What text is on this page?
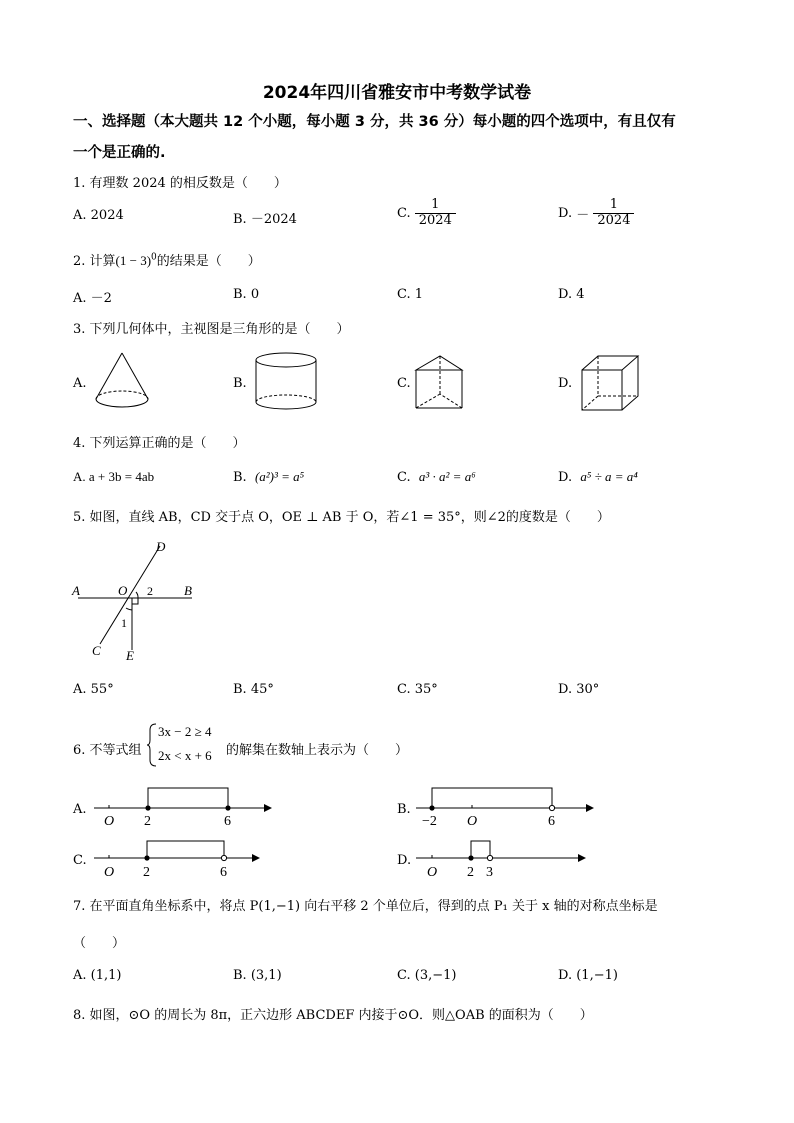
2024年四川省雅安市中考数学试卷
一、选择题（本大题共 12 个小题，每小题 3 分，共 36 分）每小题的四个选项中，有且仅有
一个是正确的.
1. 有理数 2024 的相反数是（　　）
A. 2024	B. －2024	C. $\frac{1}{2024}$	D. － $\frac{1}{2024}$
2. 计算$(1 - 3)^0$的结果是（　　）
A. －2	B. 0	C. 1	D. 4
3. 下列几何体中，主视图是三角形的是（　　）
A.	B.	C.	D.
4. 下列运算正确的是（　　）
A. a + 3b = 4ab	B. (a²)³ = a⁵	C. a³ · a² = a⁶	D. a⁵ ÷ a = a⁴
5. 如图，直线 AB，CD 交于点 O，OE ⊥ AB 于 O，若∠1 = 35°，则∠2的度数是（　　）
A	B
D
C E
O 2
1
A. 55°	B. 45°	C. 35°	D. 30°
6. 不等式组
3x − 2 ≥ 4
2x < x + 6 的解集在数轴上表示为（　　）
A.	B.
C.	D.
O 2	6	−2 O	6
O 2	6	O 2 3
7. 在平面直角坐标系中，将点 P(1,−1) 向右平移 2 个单位后，得到的点 P₁ 关于 x 轴的对称点坐标是
（　　）
A. (1,1)	B. (3,1)	C. (3,−1)	D. (1,−1)
8. 如图，⊙O 的周长为 8π，正六边形 ABCDEF 内接于⊙O．则△OAB 的面积为（　　）
